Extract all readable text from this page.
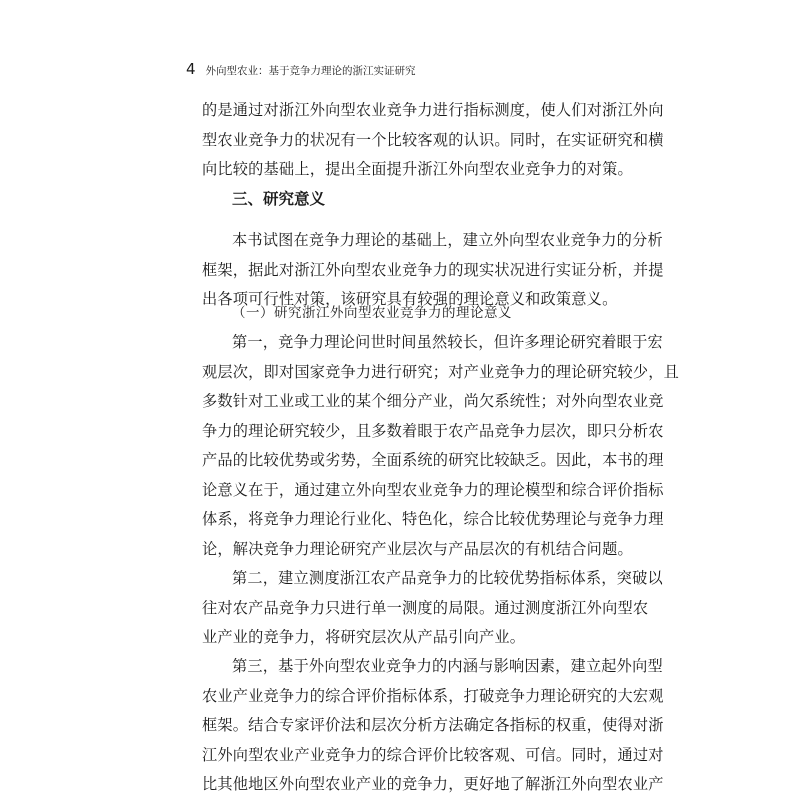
4 外向型农业：基于竞争力理论的浙江实证研究
的是通过对浙江外向型农业竞争力进行指标测度，使人们对浙江外向
型农业竞争力的状况有一个比较客观的认识。同时，在实证研究和横
向比较的基础上，提出全面提升浙江外向型农业竞争力的对策。
三、研究意义
本书试图在竞争力理论的基础上，建立外向型农业竞争力的分析
框架，据此对浙江外向型农业竞争力的现实状况进行实证分析，并提
出各项可行性对策，该研究具有较强的理论意义和政策意义。
（一）研究浙江外向型农业竞争力的理论意义
第一，竞争力理论问世时间虽然较长，但许多理论研究着眼于宏
观层次，即对国家竞争力进行研究；对产业竞争力的理论研究较少，且
多数针对工业或工业的某个细分产业，尚欠系统性；对外向型农业竞
争力的理论研究较少，且多数着眼于农产品竞争力层次，即只分析农
产品的比较优势或劣势，全面系统的研究比较缺乏。因此，本书的理
论意义在于，通过建立外向型农业竞争力的理论模型和综合评价指标
体系，将竞争力理论行业化、特色化，综合比较优势理论与竞争力理
论，解决竞争力理论研究产业层次与产品层次的有机结合问题。
第二，建立测度浙江农产品竞争力的比较优势指标体系，突破以
往对农产品竞争力只进行单一测度的局限。通过测度浙江外向型农
业产业的竞争力，将研究层次从产品引向产业。
第三，基于外向型农业竞争力的内涵与影响因素，建立起外向型
农业产业竞争力的综合评价指标体系，打破竞争力理论研究的大宏观
框架。结合专家评价法和层次分析方法确定各指标的权重，使得对浙
江外向型农业产业竞争力的综合评价比较客观、可信。同时，通过对
比其他地区外向型农业产业的竞争力，更好地了解浙江外向型农业产
